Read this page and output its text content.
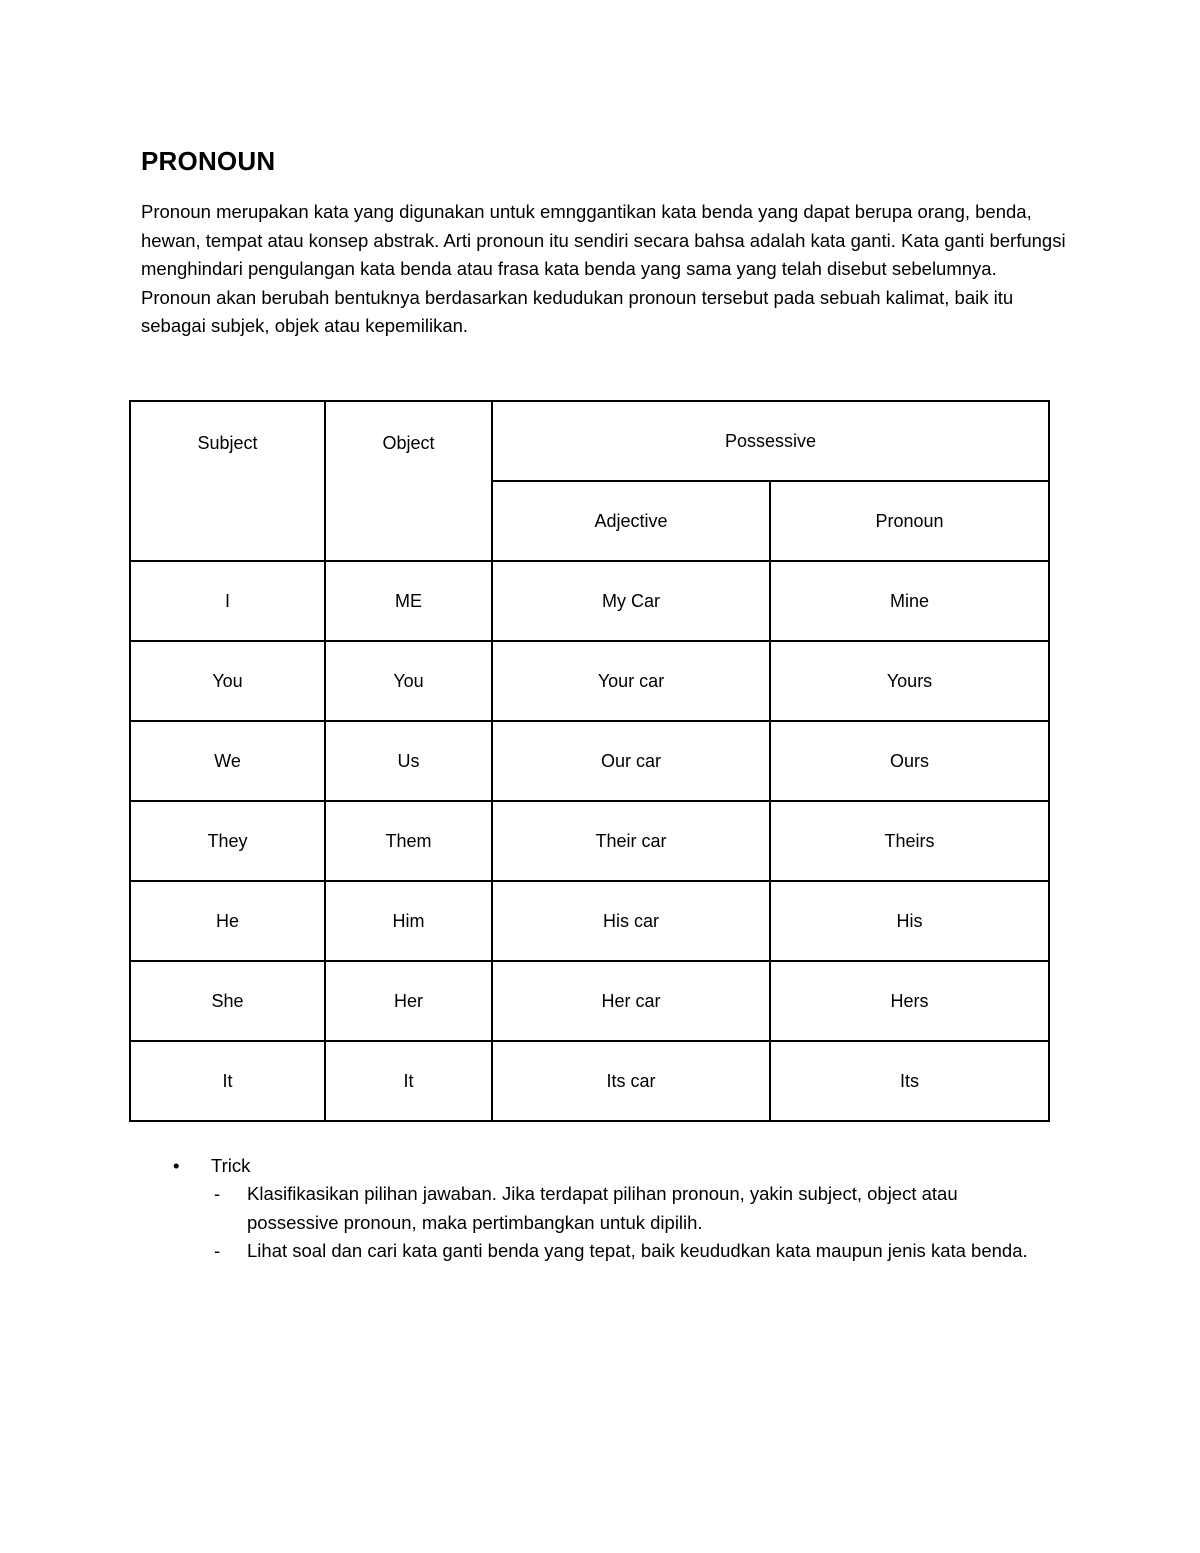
PRONOUN

Pronoun merupakan kata yang digunakan untuk emnggantikan kata benda yang dapat berupa orang, benda, hewan, tempat atau konsep abstrak. Arti pronoun itu sendiri secara bahsa adalah kata ganti. Kata ganti berfungsi menghindari pengulangan kata benda atau frasa kata benda yang sama yang telah disebut sebelumnya. Pronoun akan berubah bentuknya berdasarkan kedudukan pronoun tersebut pada sebuah kalimat, baik itu sebagai subjek, objek atau kepemilikan.

Subject	Object	Possessive	
		Adjective	Pronoun
I	ME	My Car	Mine
You	You	Your car	Yours
We	Us	Our car	Ours
They	Them	Their car	Theirs
He	Him	His car	His
She	Her	Her car	Hers
It	It	Its car	Its
• Trick
- Klasifikasikan pilihan jawaban. Jika terdapat pilihan pronoun, yakin subject, object atau possessive pronoun, maka pertimbangkan untuk dipilih.
- Lihat soal dan cari kata ganti benda yang tepat, baik keududkan kata maupun jenis kata benda.
